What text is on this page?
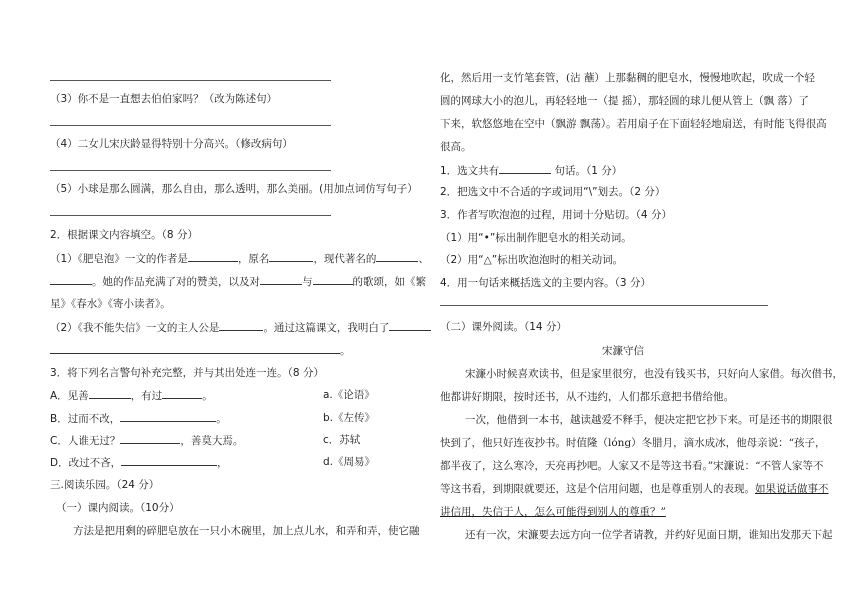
（3）你不是一直想去伯伯家吗？（改为陈述句）
（4）二女儿宋庆龄显得特别十分高兴。（修改病句）
（5）小球是那么圆满，那么自由，那么透明，那么美丽。(用加点词仿写句子）
2．根据课文内容填空。（8 分）
（1）《肥皂泡》一文的作者是	，原名	，现代著名的	、
。她的作品充满了对的赞美，以及对	与	的歌颂，如《繁
星》《春水》《寄小读者》。
（2）《我不能失信》一文的主人公是	。通过这篇课文，我明白了
。
3．将下列名言警句补充完整，并与其出处连一连。（8 分）
A．见善	，有过	。	a.《论语》
B．过而不改，	。	b.《左传》
C．人谁无过？	，善莫大焉。	c．苏轼
D．改过不吝，	，	d.《周易》
三.阅读乐园。（24 分）
（一）课内阅读。（10分）
方法是把用剩的碎肥皂放在一只小木碗里，加上点儿水，和弄和弄，使它融
化，然后用一支竹笔套管，(沾 蘸）上那黏稠的肥皂水，慢慢地吹起，吹成一个轻
圆的网球大小的泡儿，再轻轻地一（提 摇），那轻圆的球儿便从管上（飘 落）了
下来，软悠悠地在空中（飘游 飘荡）。若用扇子在下面轻轻地扇送，有时能飞得很高
很高。
1．选文共有	句话。（1 分）
2．把选文中不合适的字或词用“\”划去。（2 分）
3．作者写吹泡泡的过程，用词十分贴切。（4 分）
（1）用“•”标出制作肥皂水的相关动词。
（2）用“△”标出吹泡泡时的相关动词。
4．用一句话来概括选文的主要内容。（3 分）
（二）课外阅读。（14 分）
宋濂守信
宋濂小时候喜欢读书，但是家里很穷，也没有钱买书，只好向人家借。每次借书，
他都讲好期限，按时还书，从不违约，人们都乐意把书借给他。
一次，他借到一本书，越读越爱不释手，便决定把它抄下来。可是还书的期限很
快到了，他只好连夜抄书。时值隆（lóng）冬腊月，滴水成冰，他母亲说：“孩子，
都半夜了，这么寒冷，天亮再抄吧。人家又不是等这书看。”宋濂说：“不管人家等不
等这书看，到期限就要还，这是个信用问题，也是尊重别人的表现。如果说话做事不
讲信用，失信于人，怎么可能得到别人的尊重？”
还有一次，宋濂要去远方向一位学者请教，并约好见面日期，谁知出发那天下起
